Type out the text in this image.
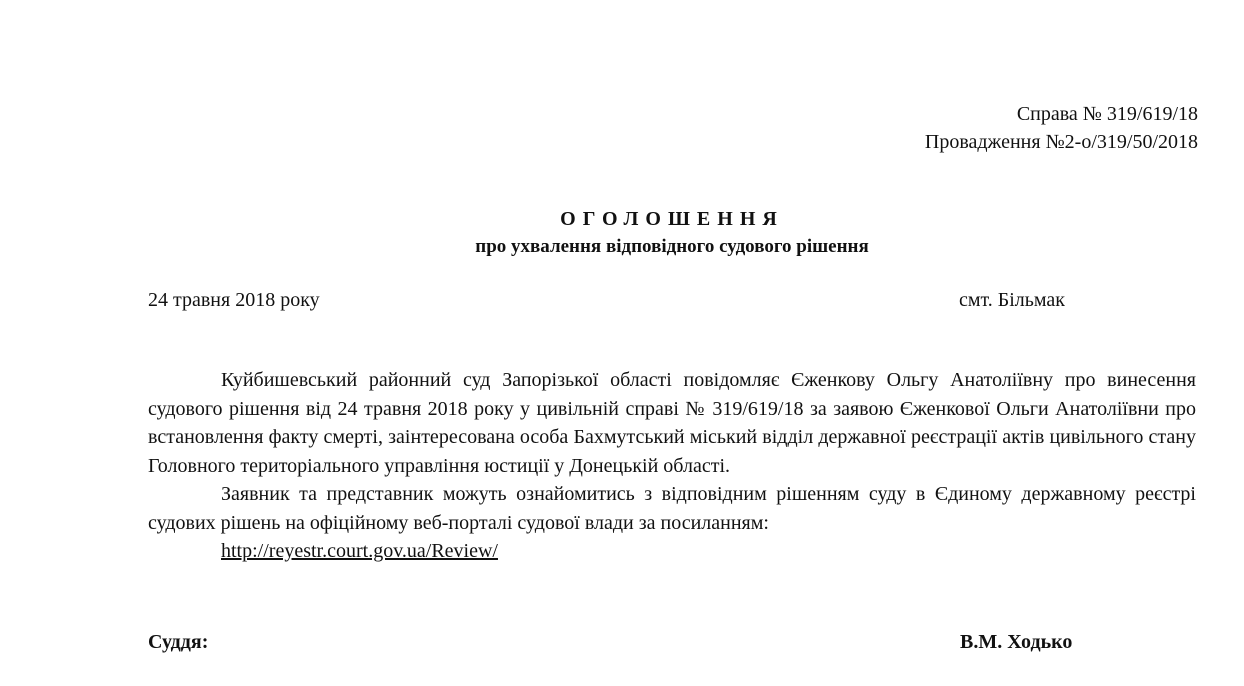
Справа № 319/619/18
Провадження №2-о/319/50/2018
ОГОЛОШЕННЯ
про ухвалення відповідного судового рішення
24 травня 2018 року	смт. Більмак

Куйбишевський районний суд Запорізької області повідомляє Єженкову Ольгу Анатоліївну про винесення судового рішення від 24 травня 2018 року у цивільній справі № 319/619/18 за заявою Єженкової Ольги Анатоліївни про встановлення факту смерті, заінтересована особа Бахмутський міський відділ державної реєстрації актів цивільного стану Головного територіального управління юстиції у Донецькій області.

Заявник та представник можуть ознайомитись з відповідним рішенням суду в Єдиному державному реєстрі судових рішень на офіційному веб-порталі судової влади за посиланням:

http://reyestr.court.gov.ua/Review/
Суддя:	В.М. Ходько
